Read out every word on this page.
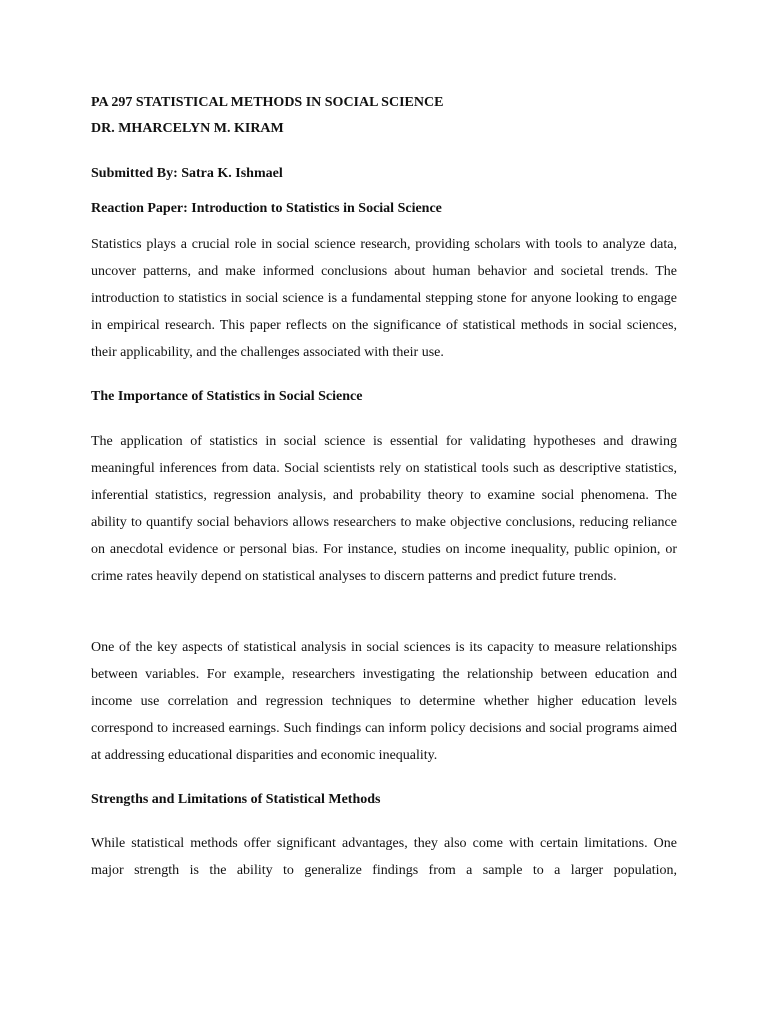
PA 297 STATISTICAL METHODS IN SOCIAL SCIENCE
DR. MHARCELYN M. KIRAM
Submitted By: Satra K. Ishmael
Reaction Paper: Introduction to Statistics in Social Science

Statistics plays a crucial role in social science research, providing scholars with tools to analyze data, uncover patterns, and make informed conclusions about human behavior and societal trends. The introduction to statistics in social science is a fundamental stepping stone for anyone looking to engage in empirical research. This paper reflects on the significance of statistical methods in social sciences, their applicability, and the challenges associated with their use.

The Importance of Statistics in Social Science

The application of statistics in social science is essential for validating hypotheses and drawing meaningful inferences from data. Social scientists rely on statistical tools such as descriptive statistics, inferential statistics, regression analysis, and probability theory to examine social phenomena. The ability to quantify social behaviors allows researchers to make objective conclusions, reducing reliance on anecdotal evidence or personal bias. For instance, studies on income inequality, public opinion, or crime rates heavily depend on statistical analyses to discern patterns and predict future trends.

One of the key aspects of statistical analysis in social sciences is its capacity to measure relationships between variables. For example, researchers investigating the relationship between education and income use correlation and regression techniques to determine whether higher education levels correspond to increased earnings. Such findings can inform policy decisions and social programs aimed at addressing educational disparities and economic inequality.

Strengths and Limitations of Statistical Methods

While statistical methods offer significant advantages, they also come with certain limitations. One major strength is the ability to generalize findings from a sample to a larger population,
